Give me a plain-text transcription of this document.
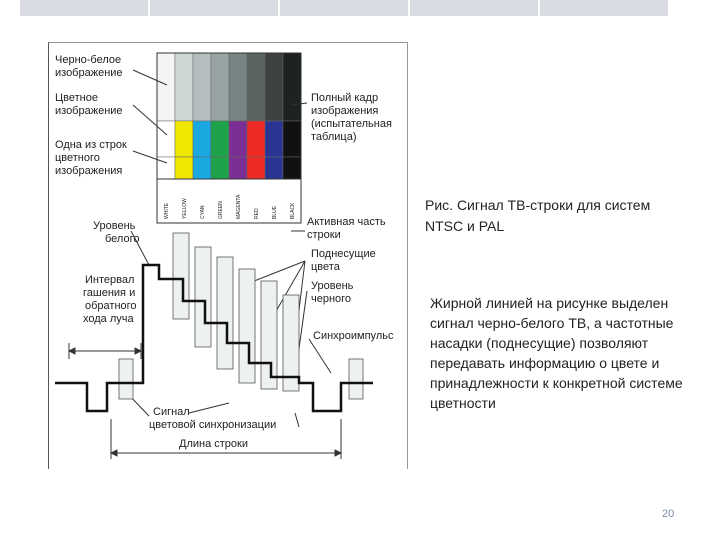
WHITE YELLOW CYAN GREEN MAGENTA RED BLUE BLACK
Черно-белое
изображение
Цветное
изображение
Одна из строк
цветного
изображения
Полный кадр
изображения
(испытательная
таблица)
Уровень
белого
Активная часть
строки
Интервал
гашения и
обратного
хода луча
Поднесущие
цвета
Уровень
черного
Синхроимпульс
Сигнал
цветовой синхронизации
Длина строки

Рис. Сигнал ТВ-строки для систем

NTSC и PAL

Жирной линией на рисунке выделен сигнал черно-белого ТВ, а частотные насадки (поднесущие) позволяют передавать информацию о цвете и принадлежности к конкретной системе цветности
20
